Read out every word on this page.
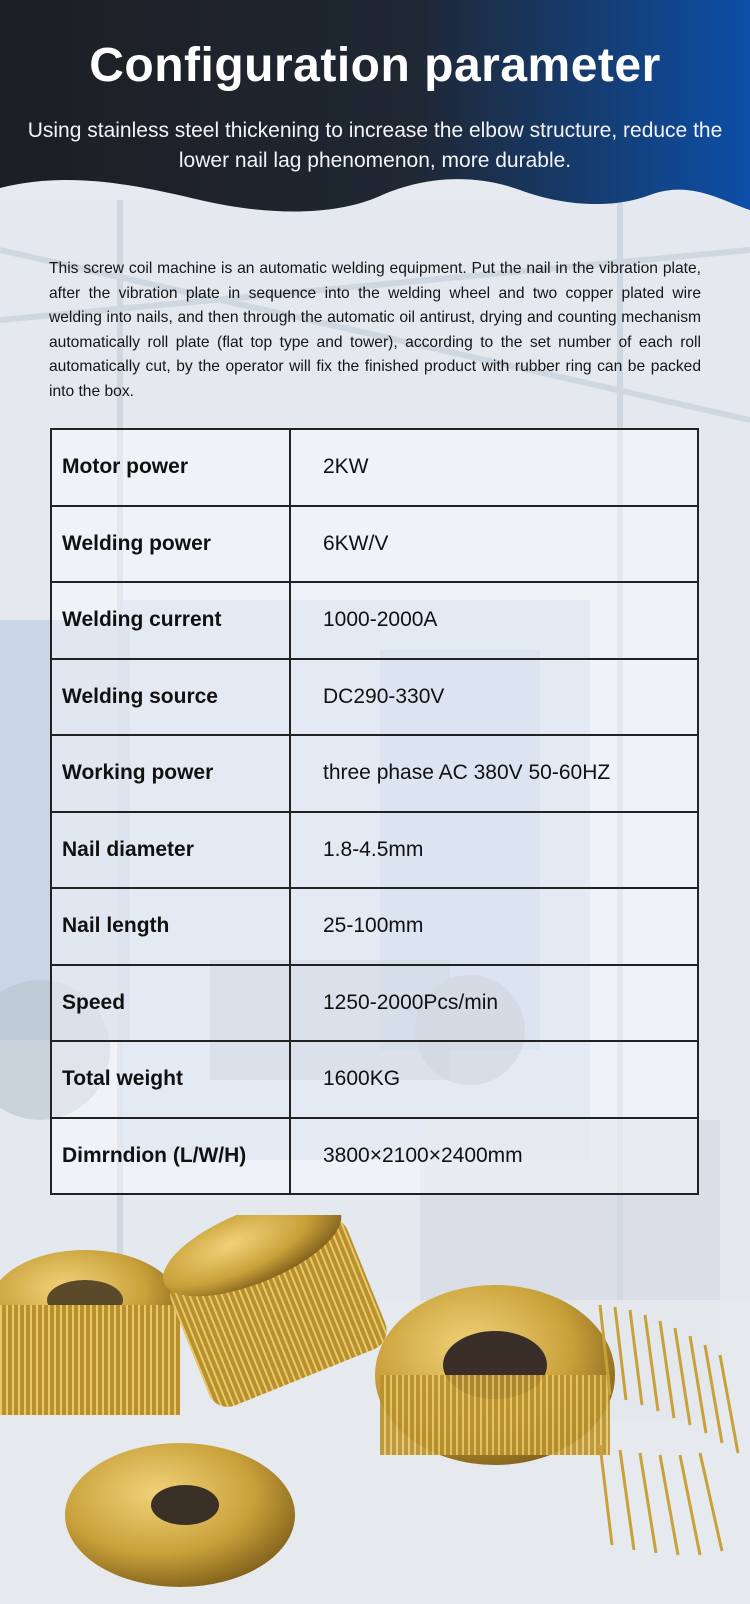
Configuration parameter

Using stainless steel thickening to increase the elbow structure, reduce the lower nail lag phenomenon, more durable.

This screw coil machine is an automatic welding equipment. Put the nail in the vibration plate, after the vibration plate in sequence into the welding wheel and two copper plated wire welding into nails, and then through the automatic oil antirust, drying and counting mechanism automatically roll plate (flat top type and tower), according to the set number of each roll automatically cut, by the operator will fix the finished product with rubber ring can be packed into the box.

Motor power	2KW
Welding power	6KW/V
Welding current	1000-2000A
Welding source	DC290-330V
Working power	three phase AC 380V 50-60HZ
Nail diameter	1.8-4.5mm
Nail length	25-100mm
Speed	1250-2000Pcs/min
Total weight	1600KG
Dimrndion (L/W/H)	3800×2100×2400mm
